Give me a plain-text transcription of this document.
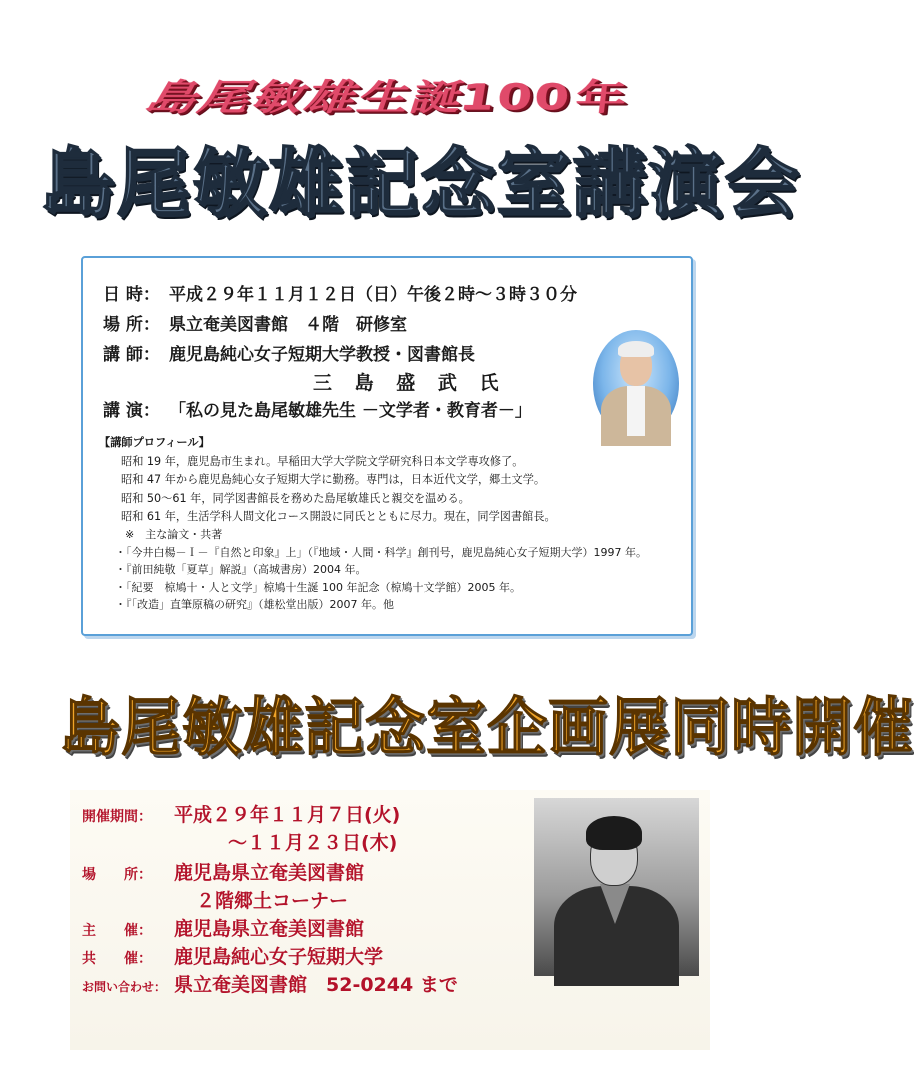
島尾敏雄生誕100年
島尾敏雄記念室講演会
日 時： 平成２９年１１月１２日（日）午後２時～３時３０分
場 所： 県立奄美図書館　４階　研修室
講 師： 鹿児島純心女子短期大学教授・図書館長
三 島 盛 武 氏
講 演： 「私の見た島尾敏雄先生 －文学者・教育者－」
【講師プロフィール】
昭和 19 年，鹿児島市生まれ。早稲田大学大学院文学研究科日本文学専攻修了。
昭和 47 年から鹿児島純心女子短期大学に勤務。専門は，日本近代文学，郷土文学。
昭和 50～61 年，同学図書館長を務めた島尾敏雄氏と親交を温める。
昭和 61 年，生活学科人間文化コース開設に同氏とともに尽力。現在，同学図書館長。
※　主な論文・共著
・「今井白楊－Ｉ－『自然と印象』上」（『地域・人間・科学』創刊号，鹿児島純心女子短期大学）1997 年。
・『前田純敬「夏草」解説』（高城書房）2004 年。
・「紀要　椋鳩十・人と文学」椋鳩十生誕 100 年記念（椋鳩十文学館）2005 年。
・『「改造」直筆原稿の研究』（雄松堂出版）2007 年。他
島尾敏雄記念室企画展同時開催
開催期間： 平成２９年１１月７日(火)
～１１月２３日(木)
場　　所： 鹿児島県立奄美図書館
２階郷土コーナー
主　　催： 鹿児島県立奄美図書館
共　　催： 鹿児島純心女子短期大学
お問い合わせ： 県立奄美図書館　52-0244 まで
